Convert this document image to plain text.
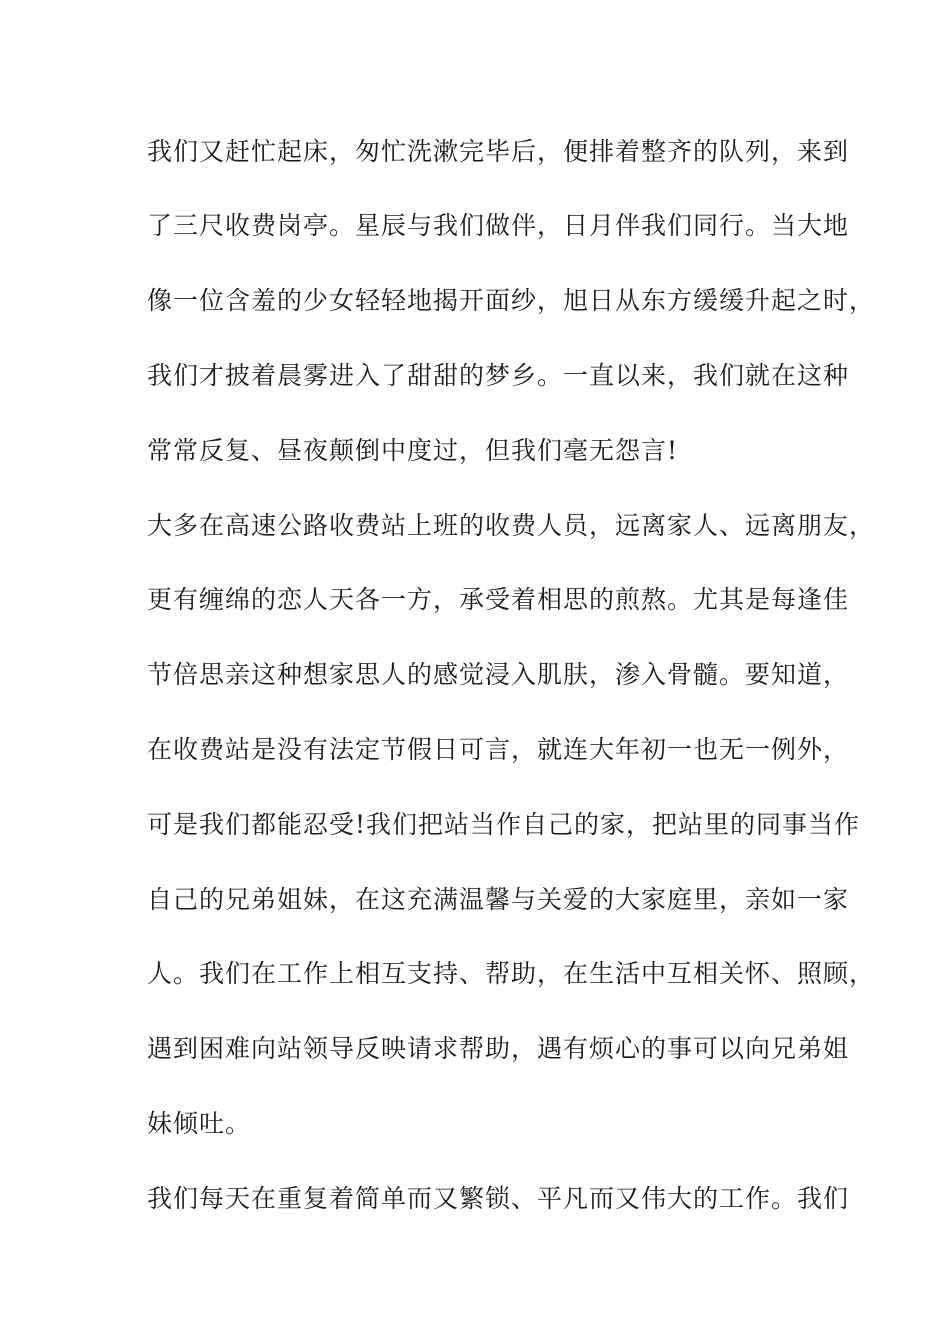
我们又赶忙起床，匆忙洗漱完毕后，便排着整齐的队列，来到
了三尺收费岗亭。星辰与我们做伴，日月伴我们同行。当大地
像一位含羞的少女轻轻地揭开面纱，旭日从东方缓缓升起之时，
我们才披着晨雾进入了甜甜的梦乡。一直以来，我们就在这种
常常反复、昼夜颠倒中度过，但我们毫无怨言!
大多在高速公路收费站上班的收费人员，远离家人、远离朋友，
更有缠绵的恋人天各一方，承受着相思的煎熬。尤其是每逢佳
节倍思亲这种想家思人的感觉浸入肌肤，渗入骨髓。要知道，
在收费站是没有法定节假日可言，就连大年初一也无一例外，
可是我们都能忍受!我们把站当作自己的家，把站里的同事当作
自己的兄弟姐妹，在这充满温馨与关爱的大家庭里，亲如一家
人。我们在工作上相互支持、帮助，在生活中互相关怀、照顾，
遇到困难向站领导反映请求帮助，遇有烦心的事可以向兄弟姐
妹倾吐。
我们每天在重复着简单而又繁锁、平凡而又伟大的工作。我们
